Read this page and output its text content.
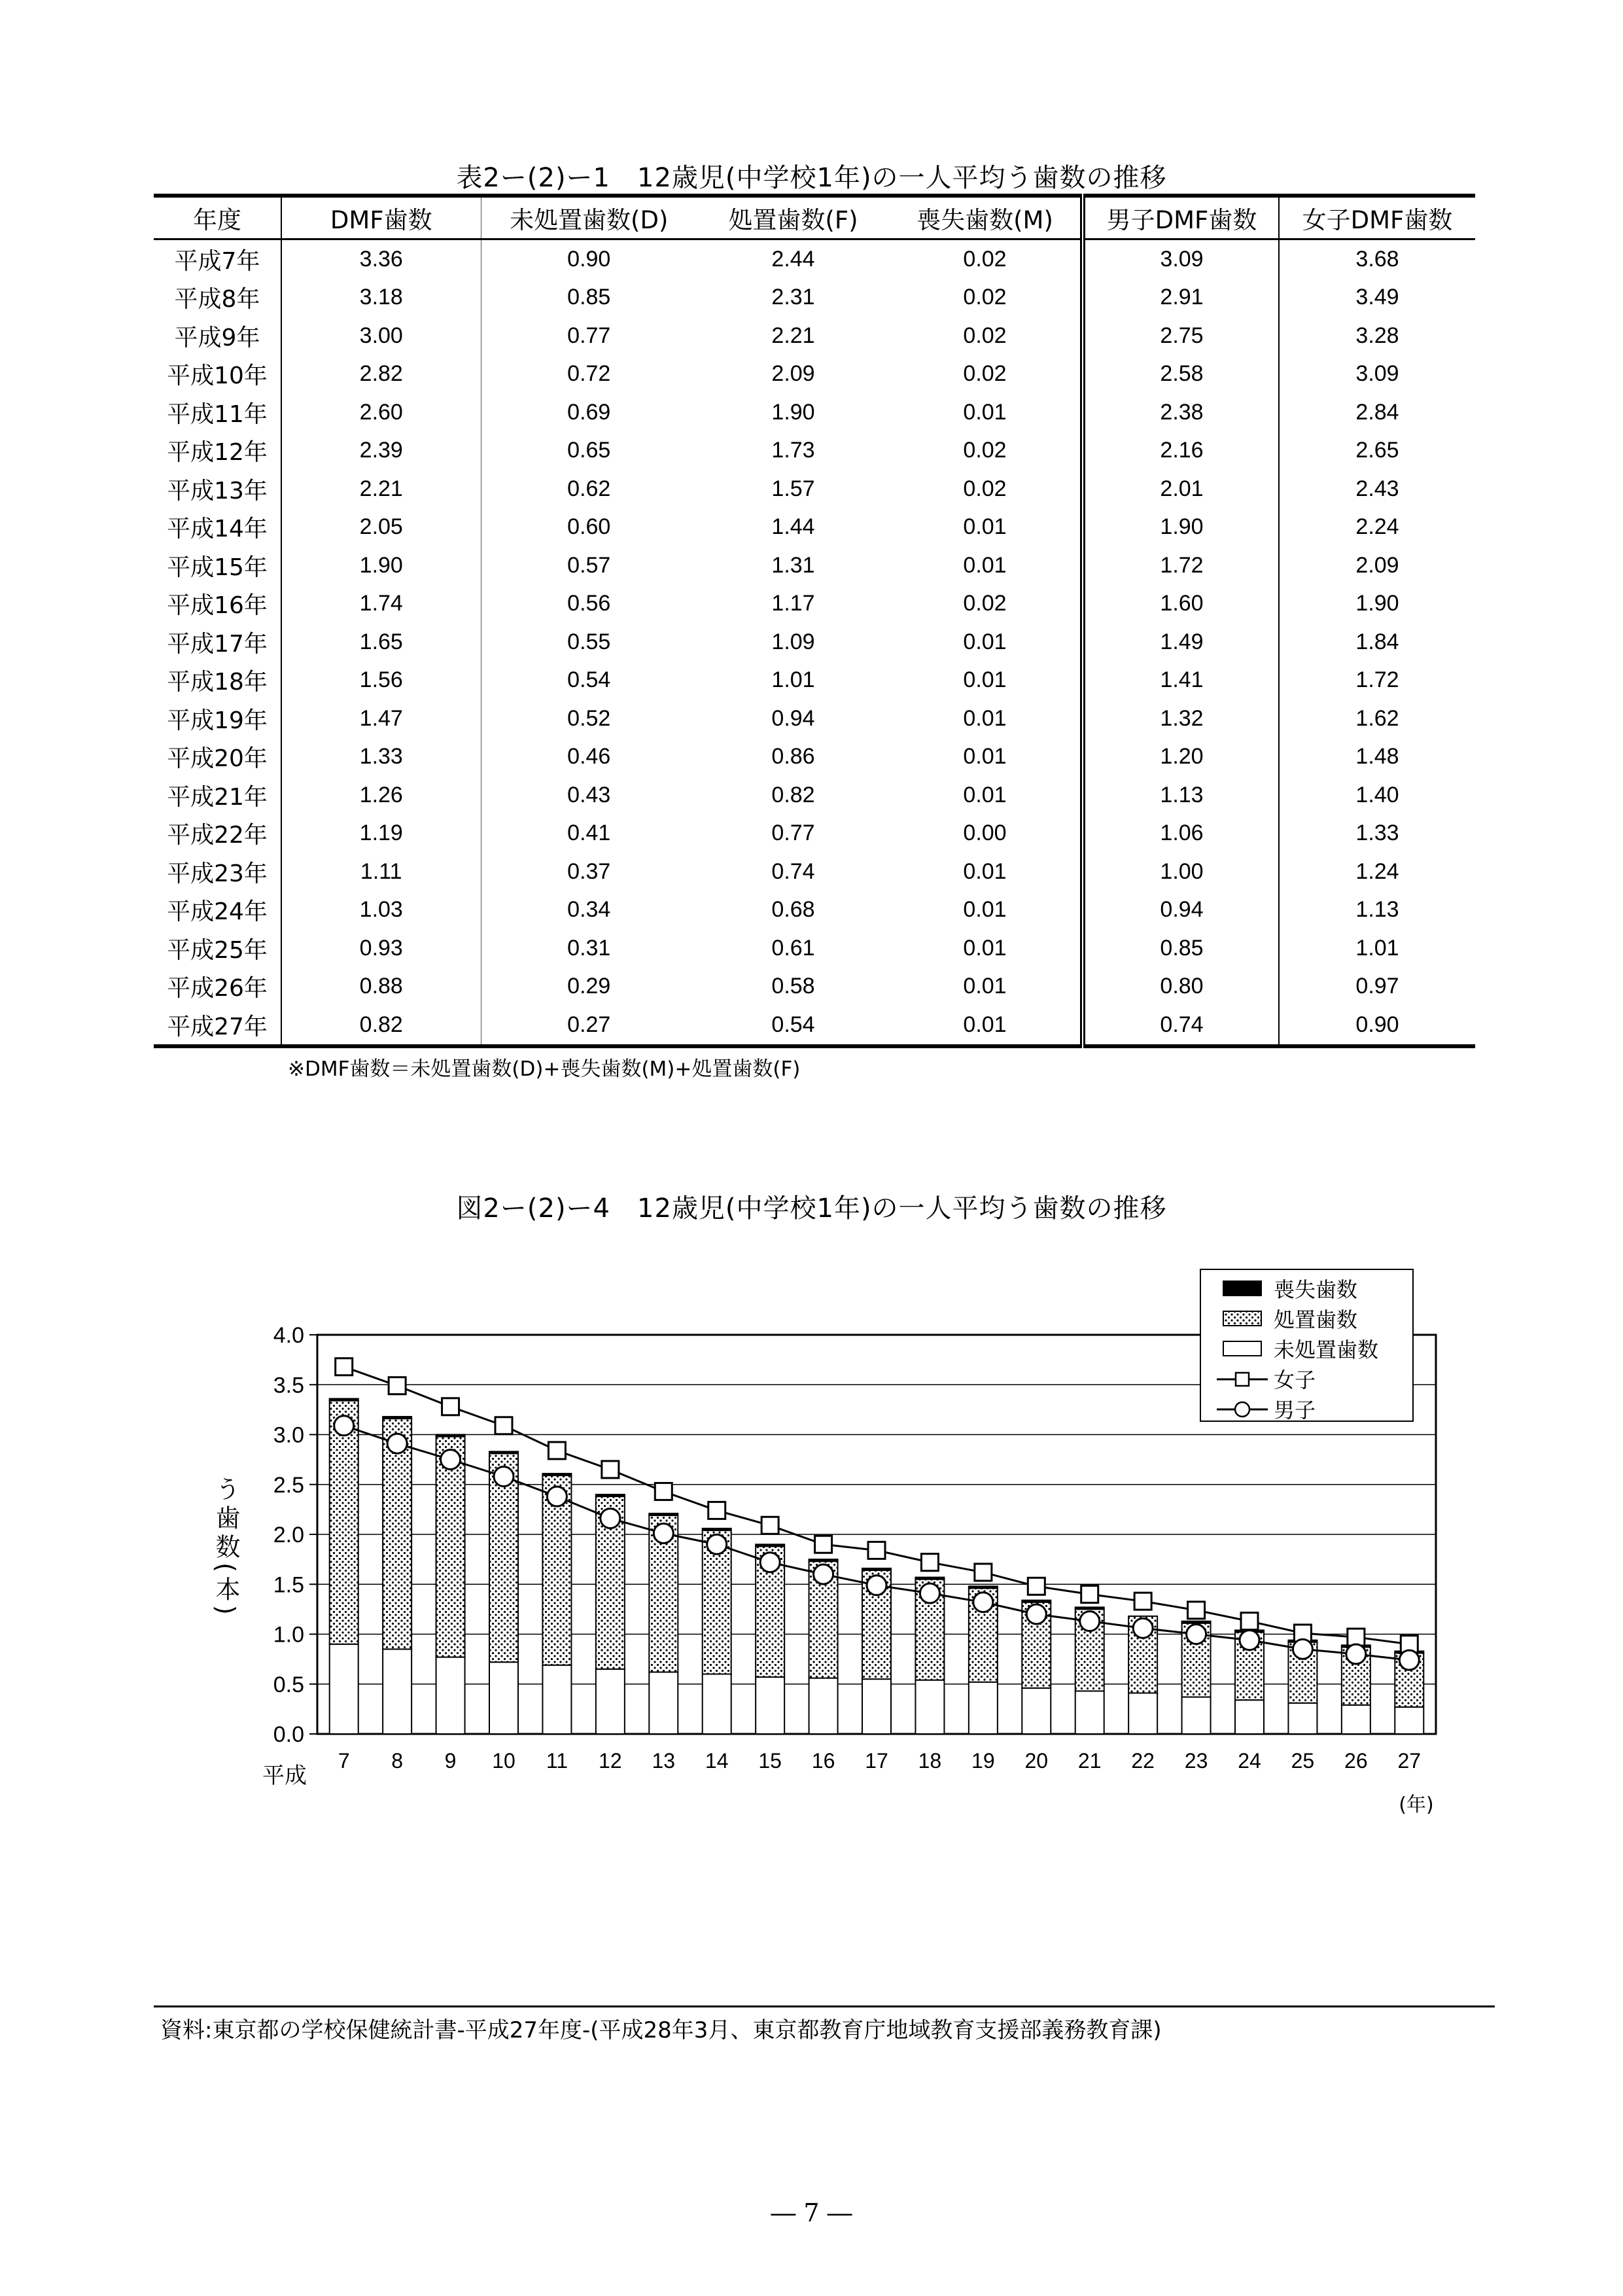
表2ー(2)ー1　12歳児(中学校1年)の一人平均う歯数の推移
年度	DMF歯数	未処置歯数(D)	処置歯数(F)	喪失歯数(M)	男子DMF歯数	女子DMF歯数
平成7年	3.36	0.90	2.44	0.02	3.09	3.68
平成8年	3.18	0.85	2.31	0.02	2.91	3.49
平成9年	3.00	0.77	2.21	0.02	2.75	3.28
平成10年	2.82	0.72	2.09	0.02	2.58	3.09
平成11年	2.60	0.69	1.90	0.01	2.38	2.84
平成12年	2.39	0.65	1.73	0.02	2.16	2.65
平成13年	2.21	0.62	1.57	0.02	2.01	2.43
平成14年	2.05	0.60	1.44	0.01	1.90	2.24
平成15年	1.90	0.57	1.31	0.01	1.72	2.09
平成16年	1.74	0.56	1.17	0.02	1.60	1.90
平成17年	1.65	0.55	1.09	0.01	1.49	1.84
平成18年	1.56	0.54	1.01	0.01	1.41	1.72
平成19年	1.47	0.52	0.94	0.01	1.32	1.62
平成20年	1.33	0.46	0.86	0.01	1.20	1.48
平成21年	1.26	0.43	0.82	0.01	1.13	1.40
平成22年	1.19	0.41	0.77	0.00	1.06	1.33
平成23年	1.11	0.37	0.74	0.01	1.00	1.24
平成24年	1.03	0.34	0.68	0.01	0.94	1.13
平成25年	0.93	0.31	0.61	0.01	0.85	1.01
平成26年	0.88	0.29	0.58	0.01	0.80	0.97
平成27年	0.82	0.27	0.54	0.01	0.74	0.90
※DMF歯数＝未処置歯数(D)+喪失歯数(M)+処置歯数(F)
図2ー(2)ー4　12歳児(中学校1年)の一人平均う歯数の推移
0.0
0.5
1.0
1.5
2.0
2.5
3.0
3.5
4.0
う歯数(本)
7 8 9 10 11 12 13 14 15 16 17 18 19 20 21 22 23 24 25 26 27
平成
(年)
喪失歯数
処置歯数
未処置歯数
女子
男子
資料:東京都の学校保健統計書-平成27年度-(平成28年3月、東京都教育庁地域教育支援部義務教育課)
― 7 ―
